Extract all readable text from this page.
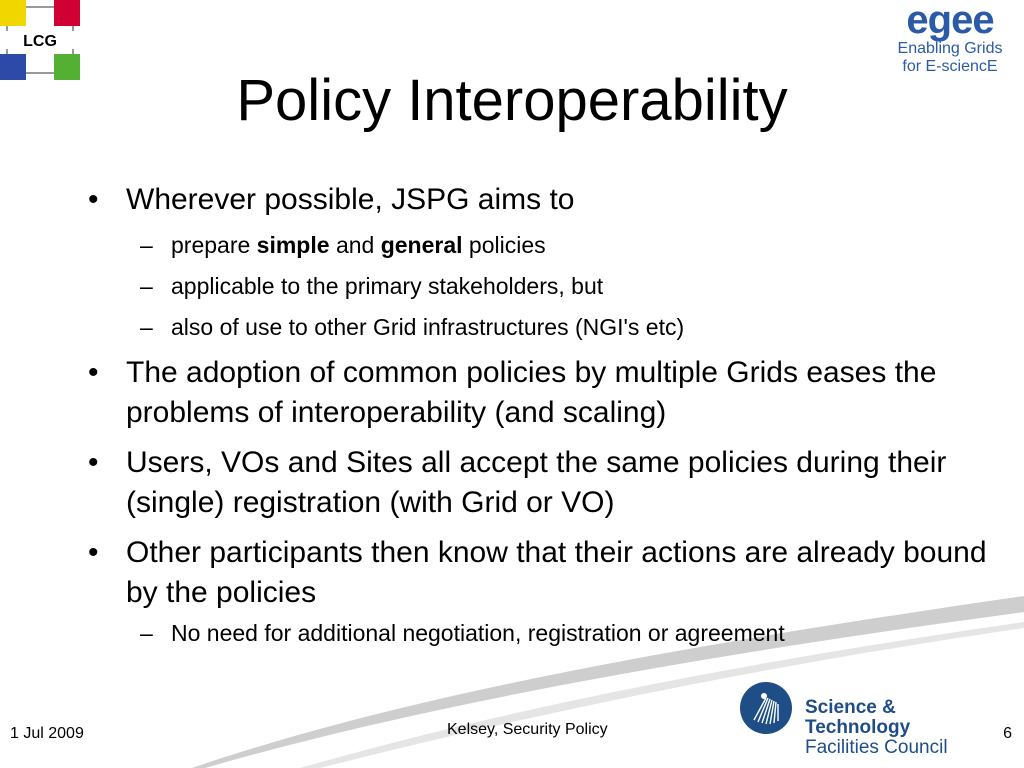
LCG	egee
Enabling Grids
for E-sciencE
Policy Interoperability
• Wherever possible, JSPG aims to
– prepare simple and general policies
– applicable to the primary stakeholders, but
– also of use to other Grid infrastructures (NGI's etc)
• The adoption of common policies by multiple Grids eases the problems of interoperability (and scaling)
• Users, VOs and Sites all accept the same policies during their (single) registration (with Grid or VO)
• Other participants then know that their actions are already bound by the policies
– No need for additional negotiation, registration or agreement
Science & Technology
Facilities Council
1 Jul 2009	Kelsey, Security Policy	6
